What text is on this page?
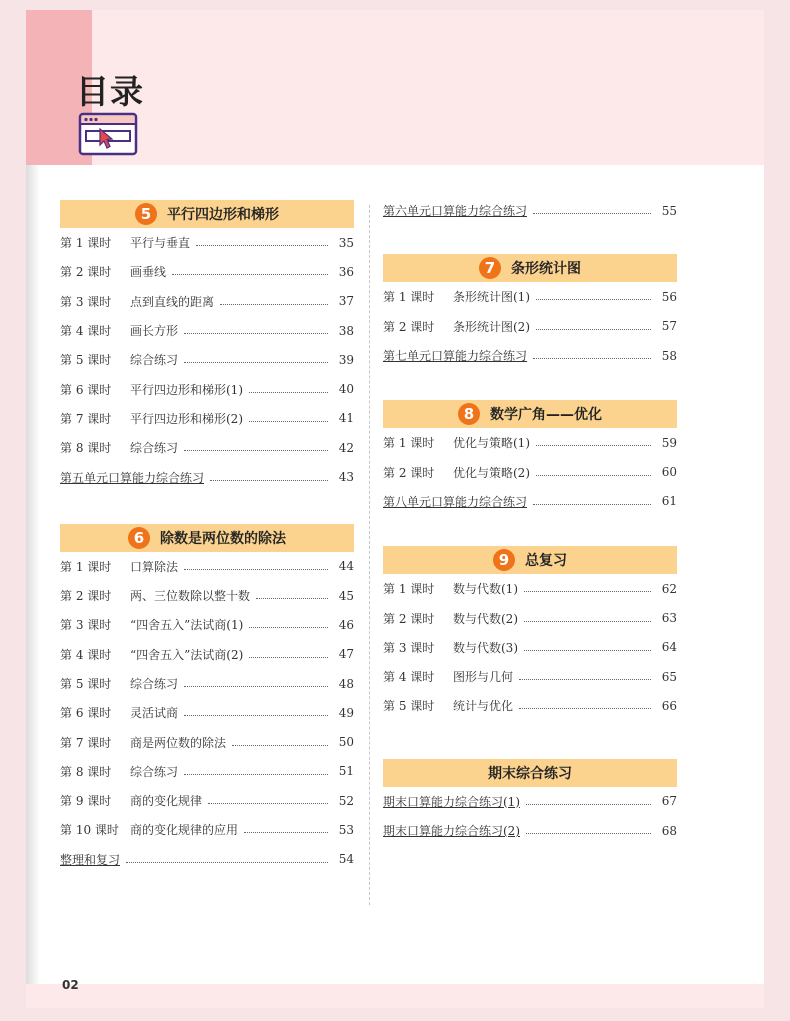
目录
5	平行四边形和梯形
第 1 课时	平行与垂直	35
第 2 课时	画垂线	36
第 3 课时	点到直线的距离	37
第 4 课时	画长方形	38
第 5 课时	综合练习	39
第 6 课时	平行四边形和梯形(1)	40
第 7 课时	平行四边形和梯形(2)	41
第 8 课时	综合练习	42
第五单元口算能力综合练习	43
6	除数是两位数的除法
第 1 课时	口算除法	44
第 2 课时	两、三位数除以整十数	45
第 3 课时	“四舍五入”法试商(1)	46
第 4 课时	“四舍五入”法试商(2)	47
第 5 课时	综合练习	48
第 6 课时	灵活试商	49
第 7 课时	商是两位数的除法	50
第 8 课时	综合练习	51
第 9 课时	商的变化规律	52
第 10 课时 商的变化规律的应用	53
整理和复习	54
第六单元口算能力综合练习	55
7	条形统计图
第 1 课时	条形统计图(1)	56
第 2 课时	条形统计图(2)	57
第七单元口算能力综合练习	58
8	数学广角——优化
第 1 课时	优化与策略(1)	59
第 2 课时	优化与策略(2)	60
第八单元口算能力综合练习	61
9	总复习
第 1 课时	数与代数(1)	62
第 2 课时	数与代数(2)	63
第 3 课时	数与代数(3)	64
第 4 课时	图形与几何	65
第 5 课时	统计与优化	66
期末综合练习
期末口算能力综合练习(1)	67
期末口算能力综合练习(2)	68
02
